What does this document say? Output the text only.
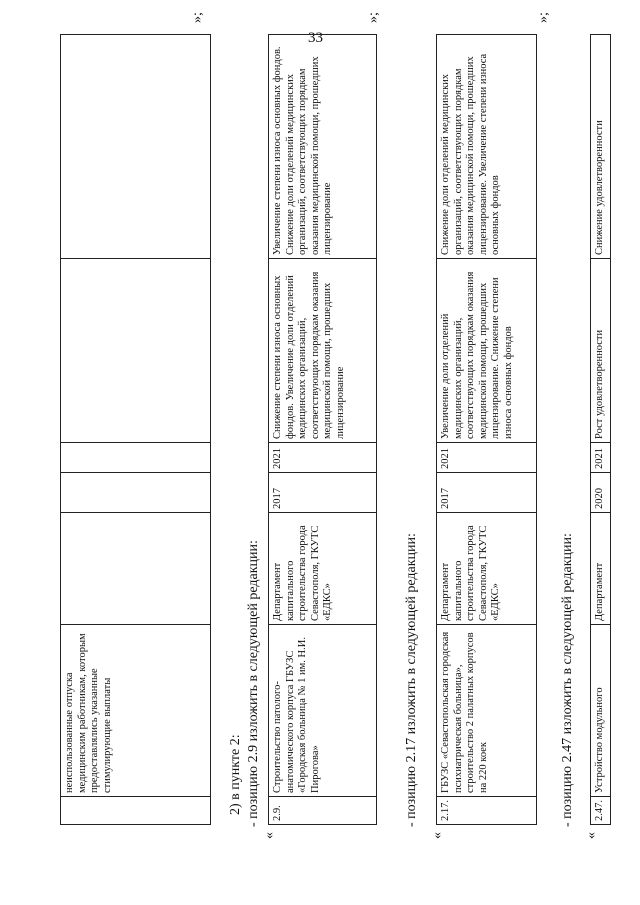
33
	неиспользованные отпуска медицинским работникам, которым предоставлялись указанные стимулирующие выплаты					
»;
2) в пункте 2: - позицию 2.9 изложить в следующей редакции:
«
2.9.	Строительство патолого-анатомического корпуса ГБУЗС «Городская больница № 1 им. Н.И. Пирогова»	Департамент капитального строительства города Севастополя, ГКУТС «ЕДКС»	2017	2021	Снижение степени износа основных фондов. Увеличение доли отделений медицинских организаций, соответствующих порядкам оказания медицинской помощи, прошедших лицензирование	Увеличение степени износа основных фондов. Снижение доли отделений медицинских организаций, соответствующих порядкам оказания медицинской помощи, прошедших лицензирование
»;
- позицию 2.17 изложить в следующей редакции:
«
2.17.	ГБУЗС «Севастопольская городская психиатрическая больница», строительство 2 палатных корпусов на 220 коек	Департамент капитального строительства города Севастополя, ГКУТС «ЕДКС»	2017	2021	Увеличение доли отделений медицинских организаций, соответствующих порядкам оказания медицинской помощи, прошедших лицензирование. Снижение степени износа основных фондов	Снижение доли отделений медицинских организаций, соответствующих порядкам оказания медицинской помощи, прошедших лицензирование. Увеличение степени износа основных фондов
»;
- позицию 2.47 изложить в следующей редакции:
«
2.47.	Устройство модульного	Департамент	2020	2021	Рост удовлетворенности	Снижение удовлетворенности
